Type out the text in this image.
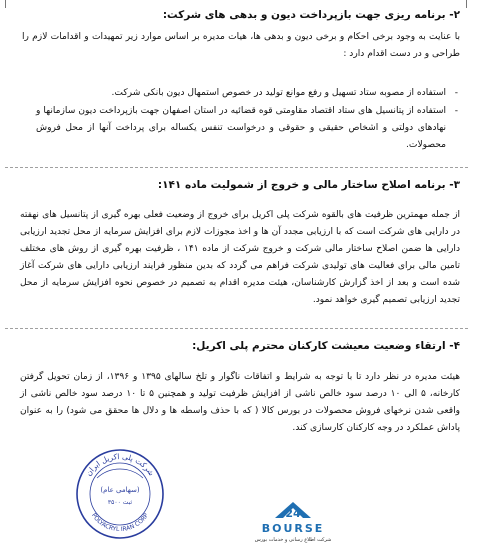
۲- برنامه ریزی جهت بازپرداخت دیون و بدهی های شرکت:
با عنایت به وجود برخی احکام و برخی دیون و بدهی ها، هیات مدیره بر اساس موارد زیر تمهیدات و اقدامات لازم را طراحی و در دست اقدام دارد :
-
استفاده از مصوبه ستاد تسهیل و رفع موانع تولید در خصوص استمهال دیون بانکی شرکت.
-
استفاده از پتانسیل های ستاد اقتصاد مقاومتی قوه قضائیه در استان اصفهان جهت بازپرداخت دیون سازمانها و نهادهای دولتی و اشخاص حقیقی و حقوقی و درخواست تنفس یکساله برای پرداخت آنها از محل فروش محصولات.
۳- برنامه اصلاح ساختار مالی و خروج از شمولیت ماده ۱۴۱:
از جمله مهمترین ظرفیت های بالقوه شرکت پلی اکریل برای خروج از وضعیت فعلی بهره گیری از پتانسیل های نهفته در دارایی های شرکت است که با ارزیابی مجدد آن ها و اخذ مجوزات لازم برای افزایش سرمایه از محل تجدید ارزیابی دارایی ها ضمن اصلاح ساختار مالی شرکت و خروج شرکت از ماده ۱۴۱ ، ظرفیت بهره گیری از روش های مختلف تامین مالی برای فعالیت های تولیدی شرکت فراهم می گردد که بدین منظور فرایند ارزیابی دارایی های شرکت آغاز شده است و بعد از اخذ گزارش کارشناسان، هیئت مدیره اقدام به تصمیم در خصوص نحوه افزایش سرمایه از محل تجدید ارزیابی تصمیم گیری خواهد نمود.
۴- ارتقاء وضعیت معیشت کارکنان محترم پلی اکریل:
هیئت مدیره در نظر دارد تا با توجه به شرایط و اتفاقات ناگوار و تلخ سالهای ۱۳۹۵ و ۱۳۹۶، از زمان تحویل گرفتن کارخانه، ۵ الی ۱۰ درصد سود خالص ناشی از افزایش ظرفیت تولید و همچنین ۵ تا ۱۰ درصد سود خالص ناشی از واقعی شدن نرخهای فروش محصولات در بورس کالا ( که با حذف واسطه ها و دلال ها محقق می شود) را به عنوان پاداش عملکرد در وجه کارکنان کارسازی کند.
شرکت پلی اکریل ایران
POLYACRYL IRAN CORP
(سهامی عام)
ثبت ۳۵۰۰
24
BOURSE
شرکت اطلاع رسانی و خدمات بورس
